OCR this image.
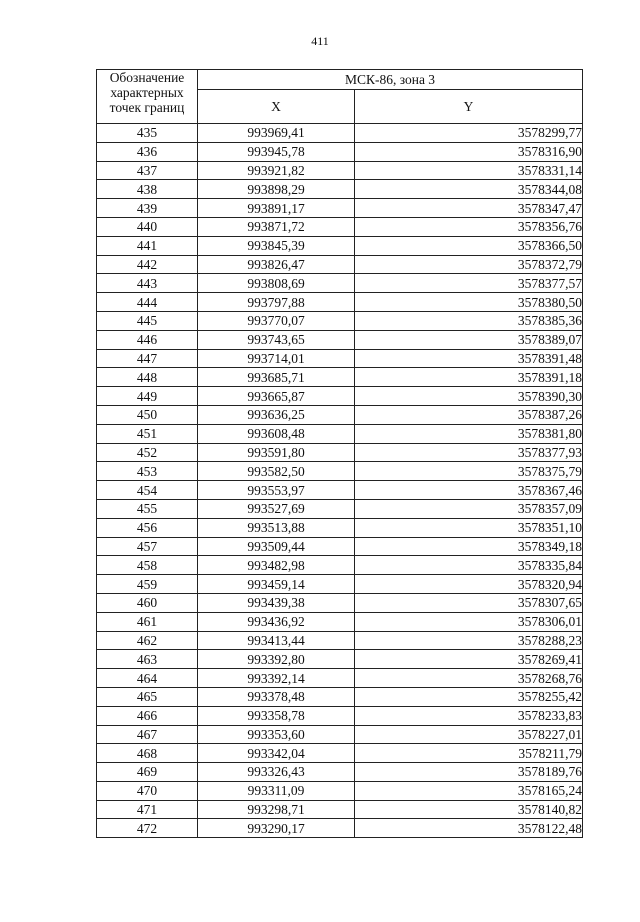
411
Обозначение характерных точек границ	МСК-86, зона 3	
	X	Y
435	993969,41	3578299,77
436	993945,78	3578316,90
437	993921,82	3578331,14
438	993898,29	3578344,08
439	993891,17	3578347,47
440	993871,72	3578356,76
441	993845,39	3578366,50
442	993826,47	3578372,79
443	993808,69	3578377,57
444	993797,88	3578380,50
445	993770,07	3578385,36
446	993743,65	3578389,07
447	993714,01	3578391,48
448	993685,71	3578391,18
449	993665,87	3578390,30
450	993636,25	3578387,26
451	993608,48	3578381,80
452	993591,80	3578377,93
453	993582,50	3578375,79
454	993553,97	3578367,46
455	993527,69	3578357,09
456	993513,88	3578351,10
457	993509,44	3578349,18
458	993482,98	3578335,84
459	993459,14	3578320,94
460	993439,38	3578307,65
461	993436,92	3578306,01
462	993413,44	3578288,23
463	993392,80	3578269,41
464	993392,14	3578268,76
465	993378,48	3578255,42
466	993358,78	3578233,83
467	993353,60	3578227,01
468	993342,04	3578211,79
469	993326,43	3578189,76
470	993311,09	3578165,24
471	993298,71	3578140,82
472	993290,17	3578122,48
